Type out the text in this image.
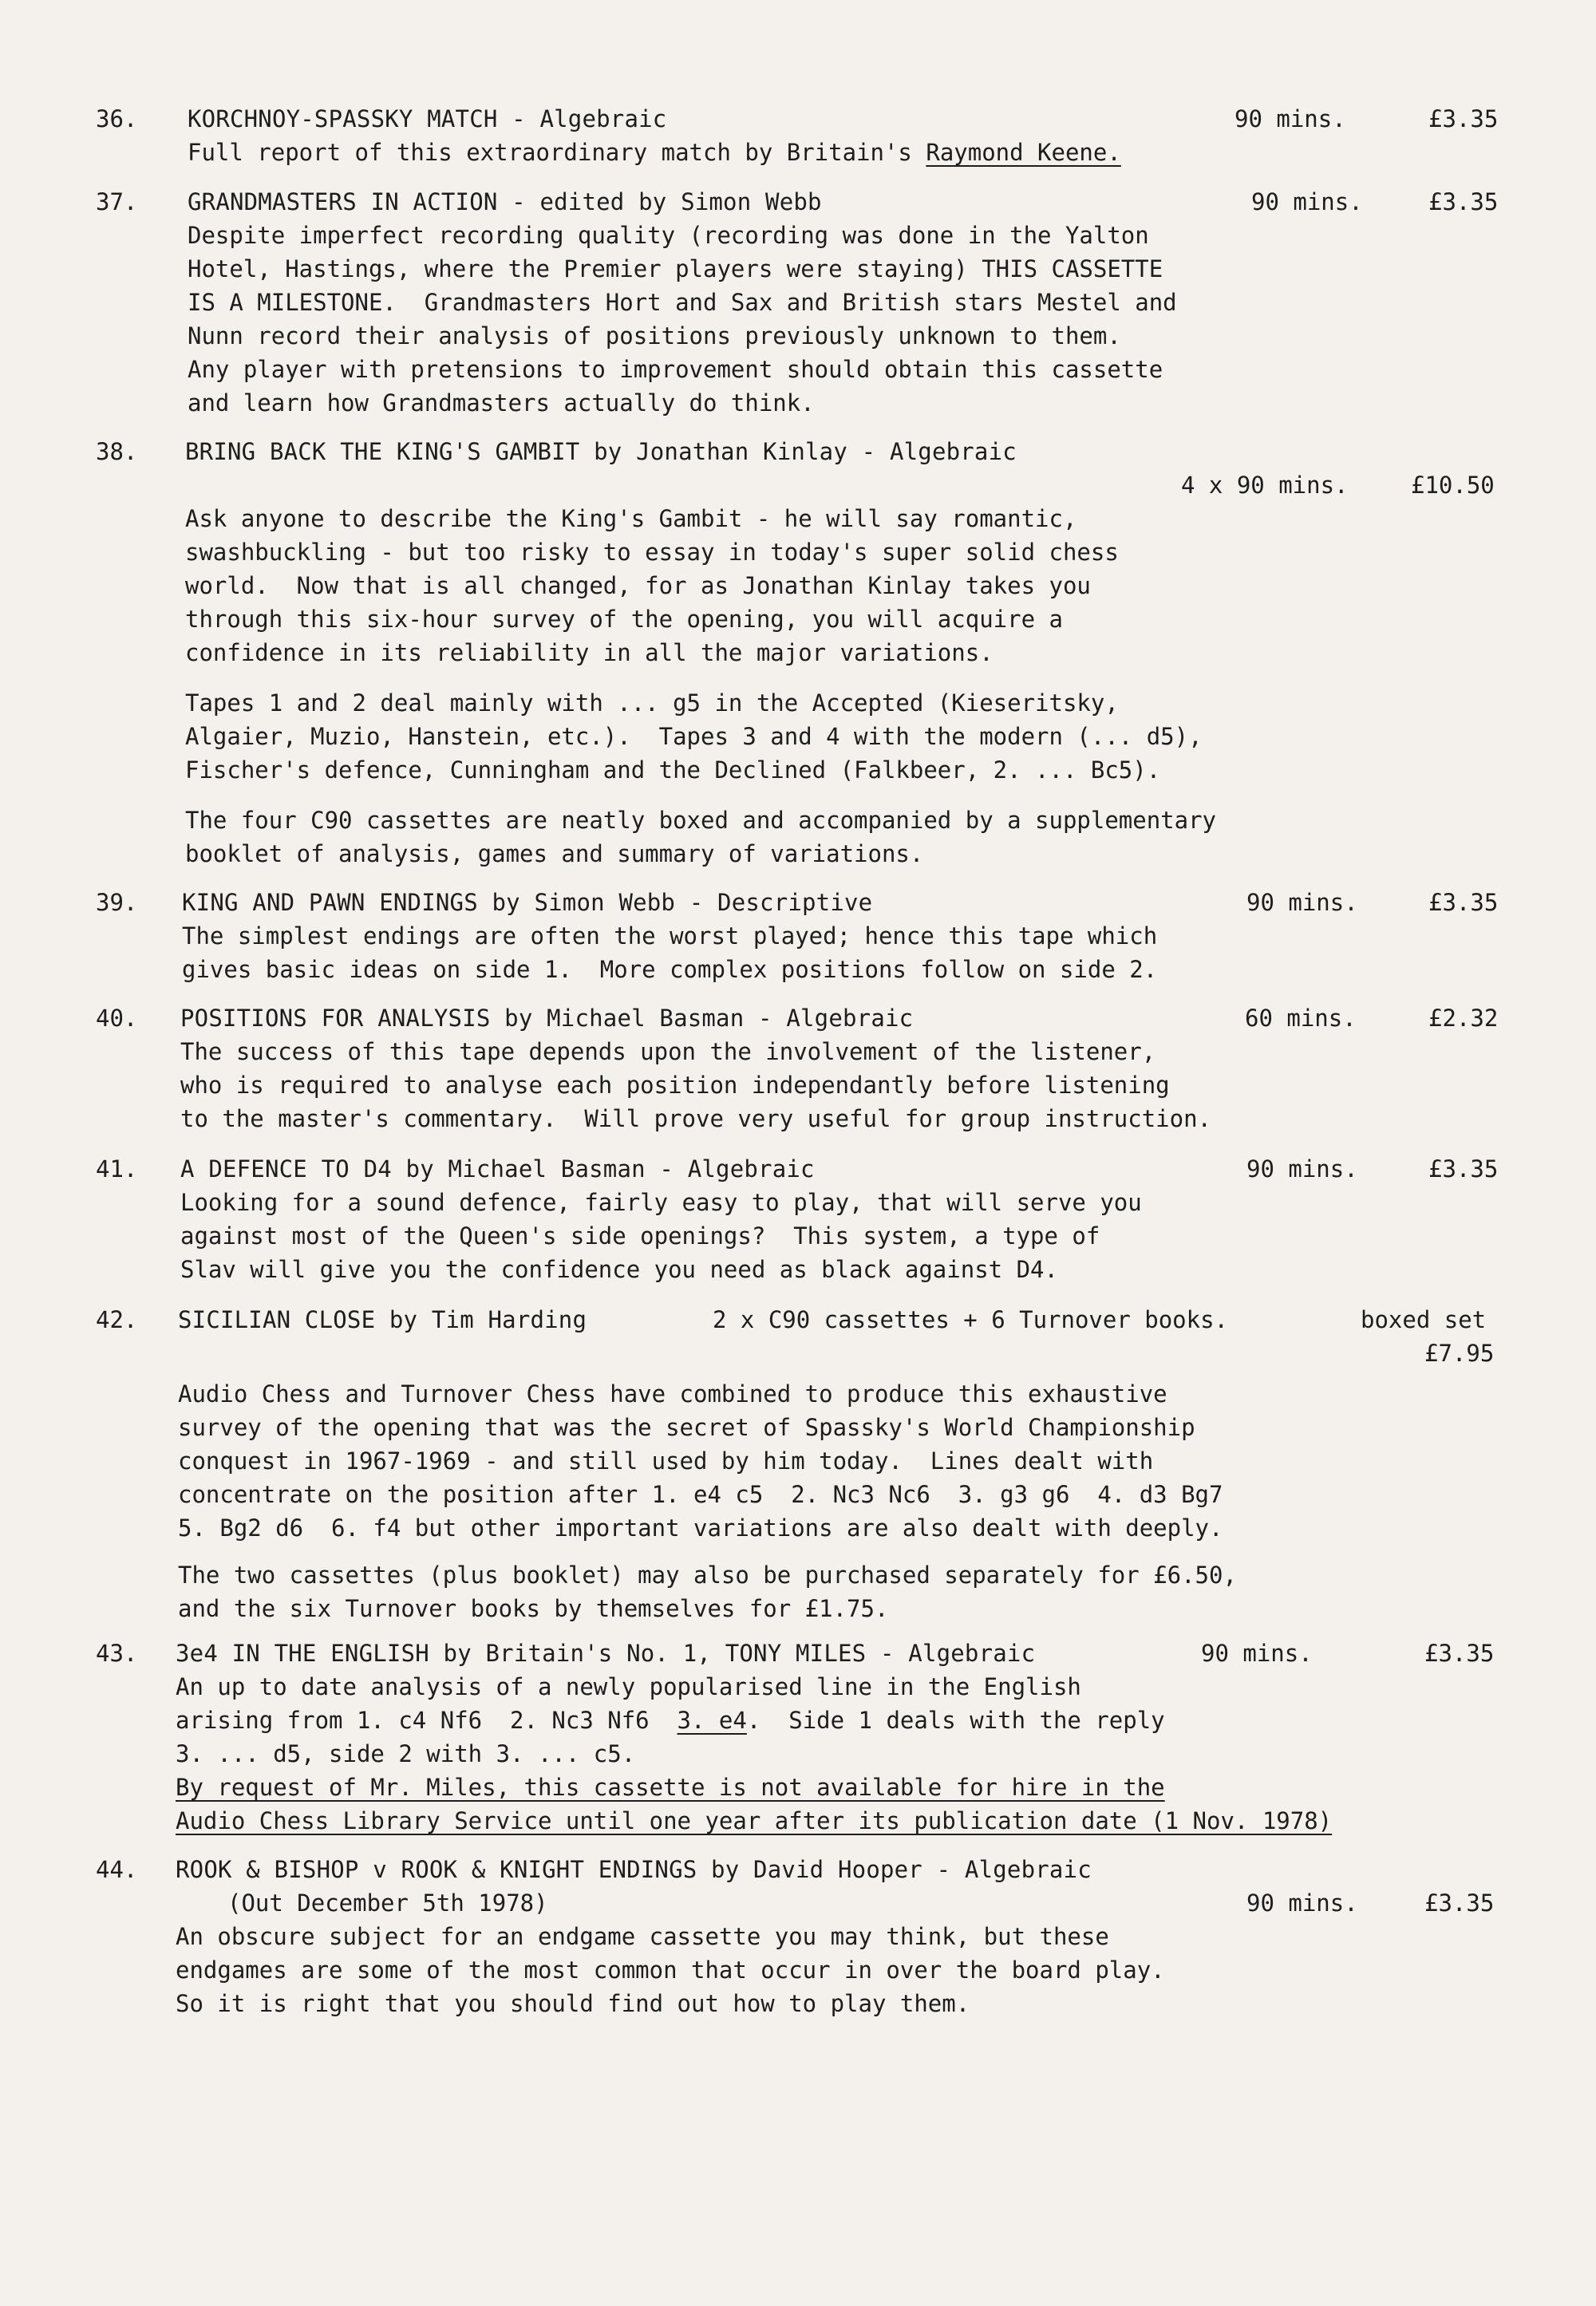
36. KORCHNOY-SPASSKY MATCH - Algebraic	90 mins.	£3.35
Full report of this extraordinary match by Britain's Raymond Keene.
37. GRANDMASTERS IN ACTION - edited by Simon Webb	90 mins.	£3.35
Despite imperfect recording quality (recording was done in the Yalton
Hotel, Hastings, where the Premier players were staying) THIS CASSETTE
IS A MILESTONE.  Grandmasters Hort and Sax and British stars Mestel and
Nunn record their analysis of positions previously unknown to them.
Any player with pretensions to improvement should obtain this cassette
and learn how Grandmasters actually do think.
38. BRING BACK THE KING'S GAMBIT by Jonathan Kinlay - Algebraic
4 x 90 mins.	£10.50
Ask anyone to describe the King's Gambit - he will say romantic,
swashbuckling - but too risky to essay in today's super solid chess
world.  Now that is all changed, for as Jonathan Kinlay takes you
through this six-hour survey of the opening, you will acquire a
confidence in its reliability in all the major variations.
Tapes 1 and 2 deal mainly with ... g5 in the Accepted (Kieseritsky,
Algaier, Muzio, Hanstein, etc.).  Tapes 3 and 4 with the modern (... d5),
Fischer's defence, Cunningham and the Declined (Falkbeer, 2. ... Bc5).
The four C90 cassettes are neatly boxed and accompanied by a supplementary
booklet of analysis, games and summary of variations.
39. KING AND PAWN ENDINGS by Simon Webb - Descriptive	90 mins.	£3.35
The simplest endings are often the worst played; hence this tape which
gives basic ideas on side 1.  More complex positions follow on side 2.
40. POSITIONS FOR ANALYSIS by Michael Basman - Algebraic	60 mins.	£2.32
The success of this tape depends upon the involvement of the listener,
who is required to analyse each position independantly before listening
to the master's commentary.  Will prove very useful for group instruction.
41. A DEFENCE TO D4 by Michael Basman - Algebraic	90 mins.	£3.35
Looking for a sound defence, fairly easy to play, that will serve you
against most of the Queen's side openings?  This system, a type of
Slav will give you the confidence you need as black against D4.
42. SICILIAN CLOSE by Tim Harding	2 x C90 cassettes + 6 Turnover books.	boxed set
£7.95
Audio Chess and Turnover Chess have combined to produce this exhaustive
survey of the opening that was the secret of Spassky's World Championship
conquest in 1967-1969 - and still used by him today.  Lines dealt with
concentrate on the position after 1. e4 c5  2. Nc3 Nc6  3. g3 g6  4. d3 Bg7
5. Bg2 d6  6. f4 but other important variations are also dealt with deeply.
The two cassettes (plus booklet) may also be purchased separately for £6.50,
and the six Turnover books by themselves for £1.75.
43. 3e4 IN THE ENGLISH by Britain's No. 1, TONY MILES - Algebraic	90 mins.	£3.35
An up to date analysis of a newly popularised line in the English
arising from 1. c4 Nf6  2. Nc3 Nf6  3. e4.  Side 1 deals with the reply
3. ... d5, side 2 with 3. ... c5.
By request of Mr. Miles, this cassette is not available for hire in the
Audio Chess Library Service until one year after its publication date (1 Nov. 1978)
44. ROOK & BISHOP v ROOK & KNIGHT ENDINGS by David Hooper - Algebraic
(Out December 5th 1978)	90 mins.	£3.35
An obscure subject for an endgame cassette you may think, but these
endgames are some of the most common that occur in over the board play.
So it is right that you should find out how to play them.
